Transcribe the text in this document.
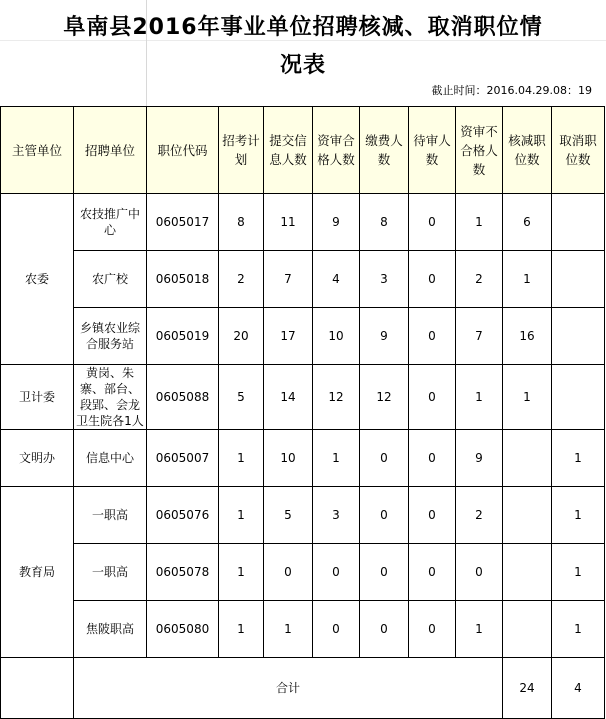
阜南县2016年事业单位招聘核减、取消职位情
况表
截止时间：2016.04.29.08：19
主管单位	招聘单位	职位代码	招考计划	提交信息人数	资审合格人数	缴费人数	待审人数	资审不合格人数	核减职位数	取消职位数
农委	农技推广中心	0605017	8	11	9	8	0	1	6	
	农广校	0605018	2	7	4	3	0	2	1	
	乡镇农业综合服务站	0605019	20	17	10	9	0	7	16	
卫计委	黄岗、朱寨、部台、段郢、会龙卫生院各1人	0605088	5	14	12	12	0	1	1	
文明办	信息中心	0605007	1	10	1	0	0	9		1
教育局	一职高	0605076	1	5	3	0	0	2		1
	一职高	0605078	1	0	0	0	0	0		1
	焦陂职高	0605080	1	1	0	0	0	1		1
	合计								24	4
